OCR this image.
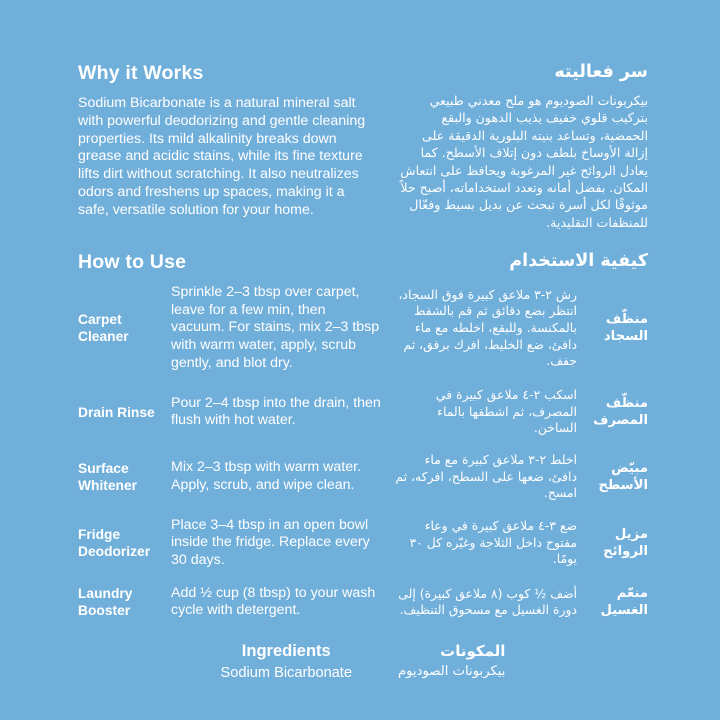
Why it Works

Sodium Bicarbonate is a natural mineral salt with powerful deodorizing and gentle cleaning properties. Its mild alkalinity breaks down grease and acidic stains, while its fine texture lifts dirt without scratching. It also neutralizes odors and freshens up spaces, making it a safe, versatile solution for your home.

سر فعاليته

بيكربونات الصوديوم هو ملح معدني طبيعي بتركيب قلوي خفيف يذيب الدهون والبقع الحمضية، وتساعد بنيته البلورية الدقيقة على إزالة الأوساخ بلطف دون إتلاف الأسطح. كما يعادل الروائح غير المرغوبة ويحافظ على انتعاش المكان. بفضل أمانه وتعدد استخداماته، أصبح حلاً موثوقًا لكل أسرة تبحث عن بديل بسيط وفعّال للمنظفات التقليدية.

How to Use	كيفية الاستخدام
Carpet Cleaner
Sprinkle 2–3 tbsp over carpet, leave for a few min, then vacuum. For stains, mix 2–3 tbsp with warm water, apply, scrub gently, and blot dry.
رش ٢-٣ ملاعق كبيرة فوق السجاد، انتظر بضع دقائق ثم قم بالشفط بالمكنسة. وللبقع، اخلطه مع ماء دافئ، ضع الخليط، افرك برفق، ثم جفف.
منظّف السجاد
Drain Rinse
Pour 2–4 tbsp into the drain, then flush with hot water.
اسكب ٢-٤ ملاعق كبيرة في المصرف، ثم اشطفها بالماء الساخن.
منظّف المصرف
Surface Whitener
Mix 2–3 tbsp with warm water. Apply, scrub, and wipe clean.
اخلط ٢-٣ ملاعق كبيرة مع ماء دافئ، ضعها على السطح، افركه، ثم امسح.
مبيّض الأسطح
Fridge Deodorizer
Place 3–4 tbsp in an open bowl inside the fridge. Replace every 30 days.
ضع ٣-٤ ملاعق كبيرة في وعاء مفتوح داخل الثلاجة وغيّره كل ٣٠ يومًا.
مزيل الروائح
Laundry Booster
Add ½ cup (8 tbsp) to your wash cycle with detergent.
أضف ½ كوب (٨ ملاعق كبيرة) إلى دورة الغسيل مع مسحوق التنظيف.
منعّم الغسيل
Ingredients

Sodium Bicarbonate

المكونات

بيكربونات الصوديوم
